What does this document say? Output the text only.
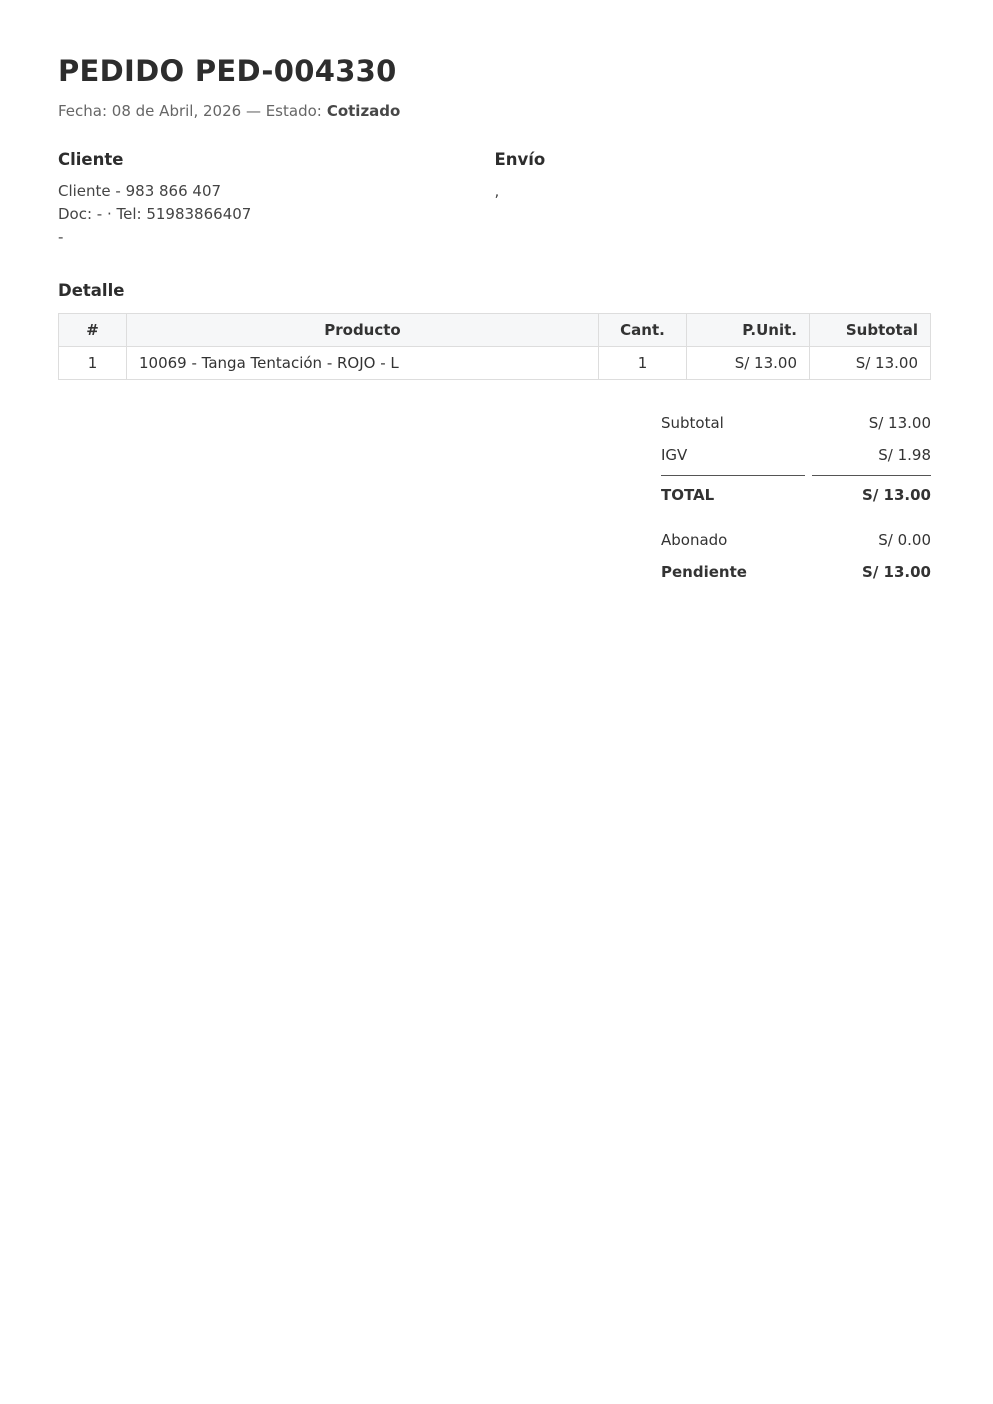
PEDIDO PED-004330

Fecha: 08 de Abril, 2026 — Estado: Cotizado

Cliente

Cliente - 983 866 407

Doc: - · Tel: 51983866407

-

Envío

,

Detalle
#	Producto	Cant.	P.Unit.	Subtotal
1	10069 - Tanga Tentación - ROJO - L	1	S/ 13.00	S/ 13.00
Subtotal	S/ 13.00
IGV	S/ 1.98
TOTAL	S/ 13.00
Abonado	S/ 0.00
Pendiente	S/ 13.00
